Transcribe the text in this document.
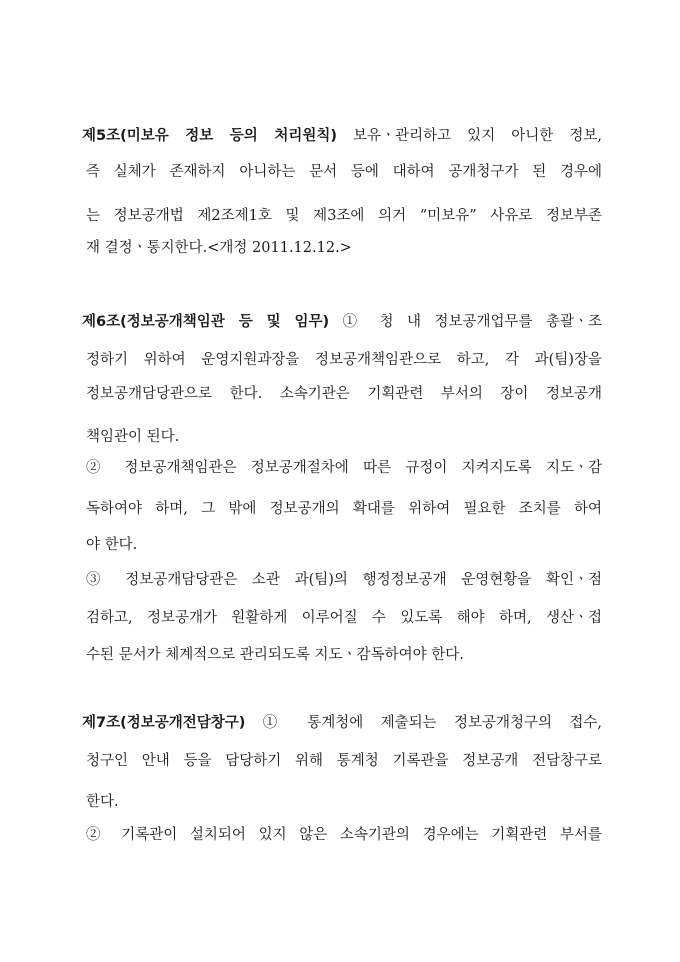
제5조(미보유 정보 등의 처리원칙) 보유ㆍ관리하고 있지 아니한 정보,
즉 실체가 존재하지 아니하는 문서 등에 대하여 공개청구가 된 경우에
는 정보공개법 제2조제1호 및 제3조에 의거 “미보유” 사유로 정보부존
재 결정ㆍ통지한다.<개정 2011.12.12.>
제6조(정보공개책임관 등 및 임무) ① 청 내 정보공개업무를 총괄ㆍ조
정하기 위하여 운영지원과장을 정보공개책임관으로 하고, 각 과(팀)장을
정보공개담당관으로 한다. 소속기관은 기획관련 부서의 장이 정보공개
책임관이 된다.
② 정보공개책임관은 정보공개절차에 따른 규정이 지켜지도록 지도ㆍ감
독하여야 하며, 그 밖에 정보공개의 확대를 위하여 필요한 조치를 하여
야 한다.
③ 정보공개담당관은 소관 과(팀)의 행정정보공개 운영현황을 확인ㆍ점
검하고, 정보공개가 원활하게 이루어질 수 있도록 해야 하며, 생산ㆍ접
수된 문서가 체계적으로 관리되도록 지도ㆍ감독하여야 한다.
제7조(정보공개전담창구) ① 통계청에 제출되는 정보공개청구의 접수,
청구인 안내 등을 담당하기 위해 통계청 기록관을 정보공개 전담창구로
한다.
② 기록관이 설치되어 있지 않은 소속기관의 경우에는 기획관련 부서를
